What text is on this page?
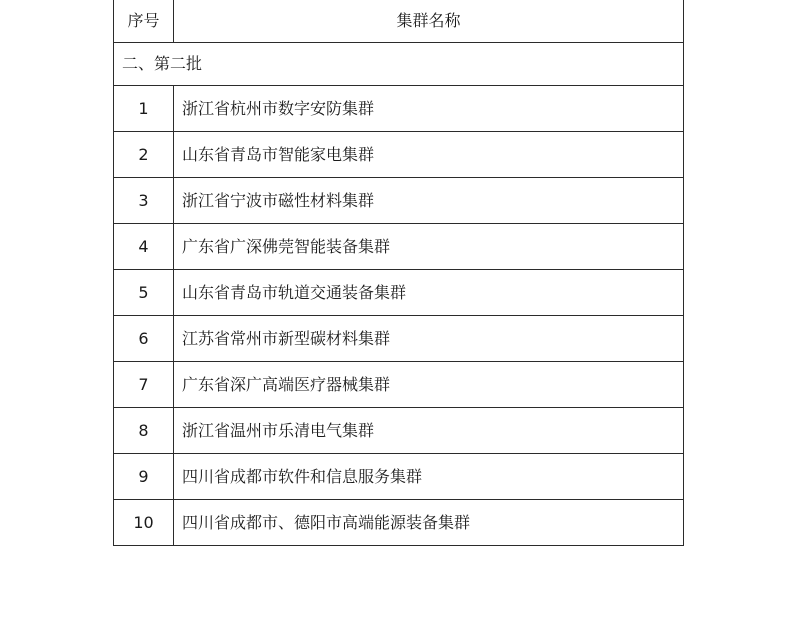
序号	集群名称
二、第二批	
1	浙江省杭州市数字安防集群
2	山东省青岛市智能家电集群
3	浙江省宁波市磁性材料集群
4	广东省广深佛莞智能装备集群
5	山东省青岛市轨道交通装备集群
6	江苏省常州市新型碳材料集群
7	广东省深广高端医疗器械集群
8	浙江省温州市乐清电气集群
9	四川省成都市软件和信息服务集群
10	四川省成都市、德阳市高端能源装备集群
